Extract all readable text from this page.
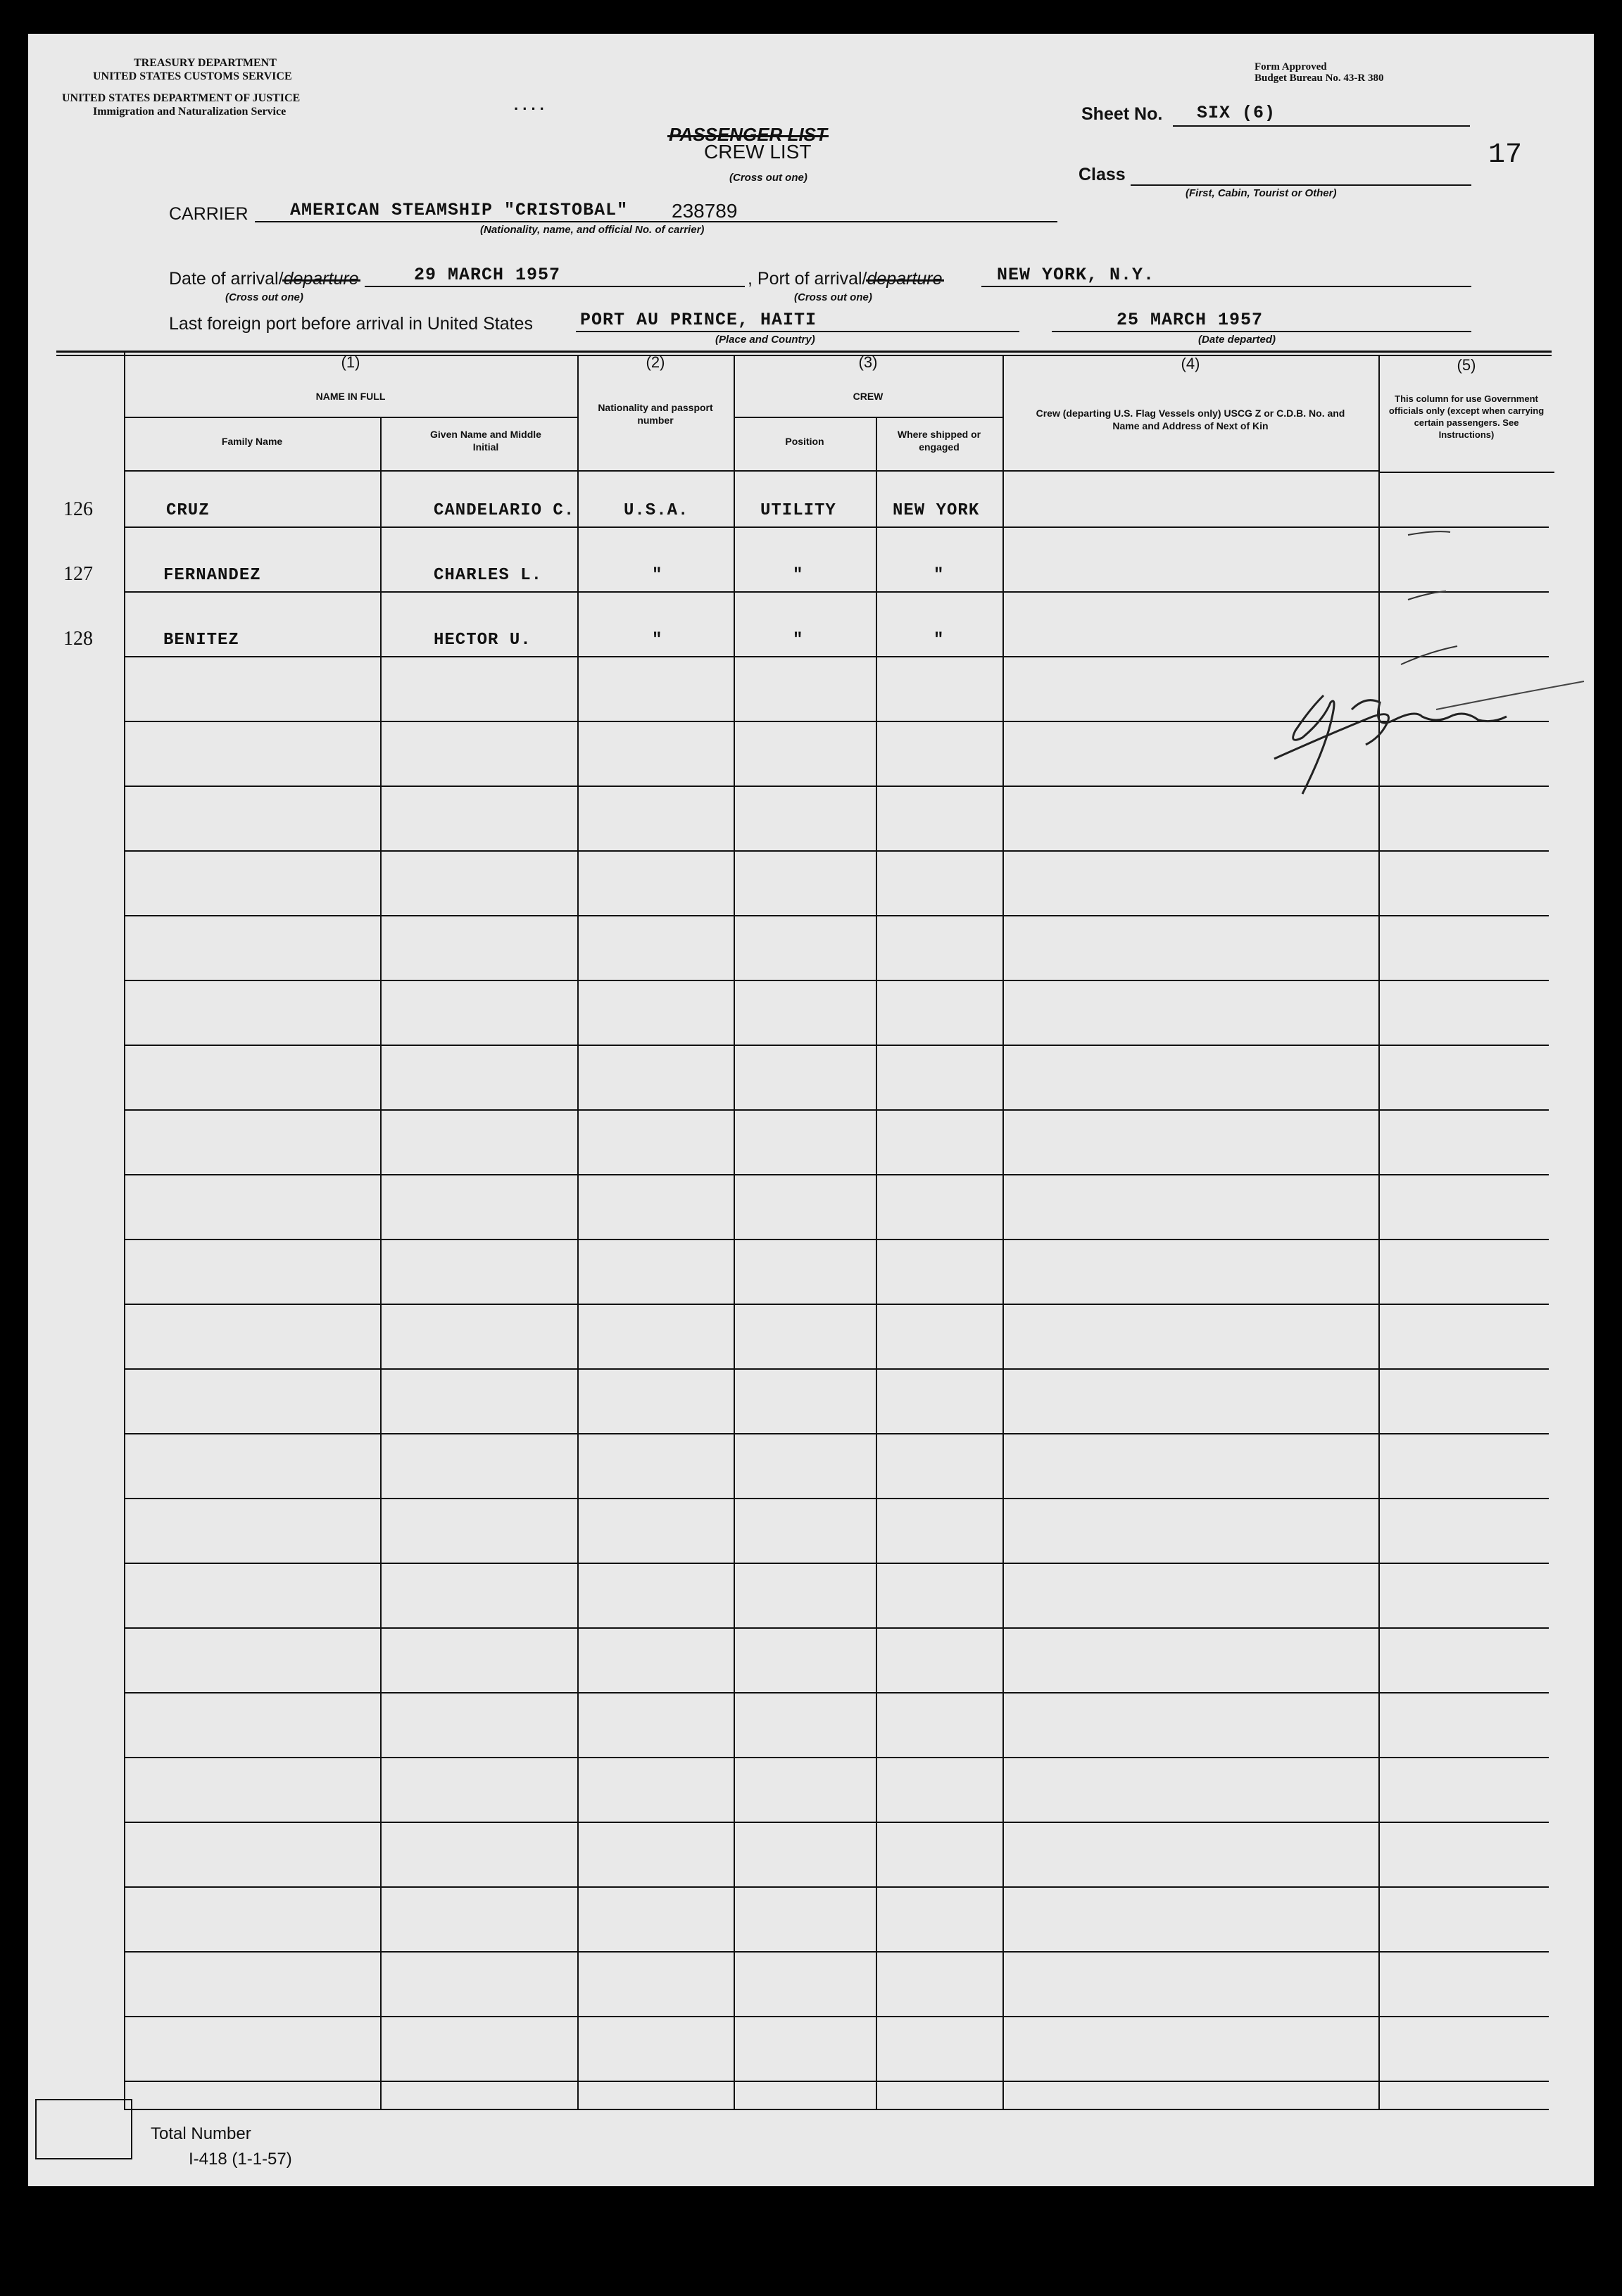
TREASURY DEPARTMENT
UNITED STATES CUSTOMS SERVICE
UNITED STATES DEPARTMENT OF JUSTICE
Immigration and Naturalization Service	. . . .
Form Approved
Budget Bureau No. 43-R 380
PASSENGER LIST
CREW LIST
(Cross out one)
Sheet No. SIX (6)
17
Class
(First, Cabin, Tourist or Other)
CARRIER AMERICAN STEAMSHIP "CRISTOBAL" 238789
(Nationality, name, and official No. of carrier)
Date of arrival/departure	29 MARCH 1957
(Cross out one)
, Port of arrival/departure	NEW YORK, N.Y.
(Cross out one)
Last foreign port before arrival in United States	PORT AU PRINCE, HAITI
(Place and Country)
25 MARCH 1957
(Date departed)
(1)
NAME IN FULL
Family Name
Given Name and Middle Initial
(2)
Nationality and passport number
(3)
CREW
Position
Where shipped or engaged
(4)
Crew (departing U.S. Flag Vessels only) USCG Z or C.D.B. No. and Name and Address of Next of Kin
(5)
This column for use Government officials only (except when carrying certain passengers. See Instructions)
126	CRUZ	CANDELARIO C.	U.S.A.	UTILITY	NEW YORK
127	FERNANDEZ	CHARLES L.	"	"	"
128	BENITEZ	HECTOR U.	"	"	"
Total Number
I-418 (1-1-57)
